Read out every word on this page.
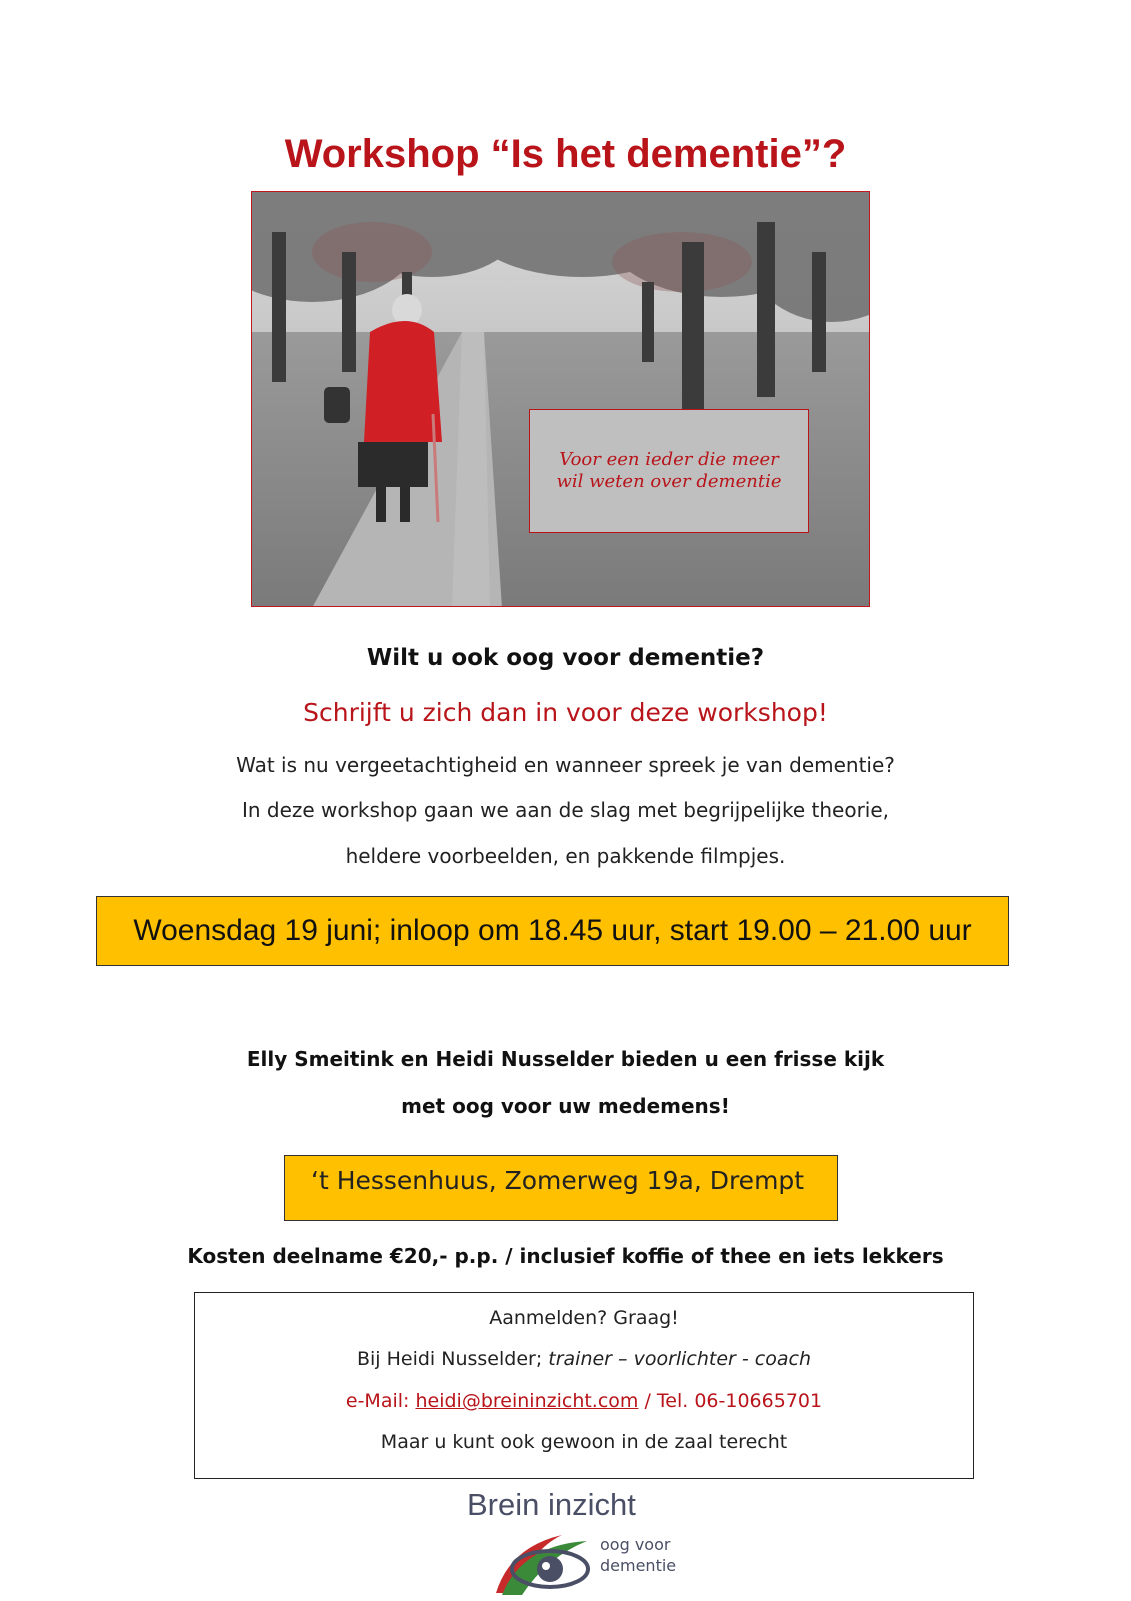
Workshop “Is het dementie”?
Voor een ieder die meer wil weten over dementie
Wilt u ook oog voor dementie?
Schrijft u zich dan in voor deze workshop!
Wat is nu vergeetachtigheid en wanneer spreek je van dementie?
In deze workshop gaan we aan de slag met begrijpelijke theorie,
heldere voorbeelden, en pakkende filmpjes.
Woensdag 19 juni; inloop om 18.45 uur, start 19.00 – 21.00 uur
Elly Smeitink en Heidi Nusselder bieden u een frisse kijk
met oog voor uw medemens!
‘t Hessenhuus, Zomerweg 19a, Drempt
Kosten deelname €20,- p.p. / inclusief koffie of thee en iets lekkers
Aanmelden? Graag!
Bij Heidi Nusselder; trainer – voorlichter - coach
e-Mail: heidi@breininzicht.com / Tel. 06-10665701
Maar u kunt ook gewoon in de zaal terecht
Brein inzicht
oog voor
dementie
